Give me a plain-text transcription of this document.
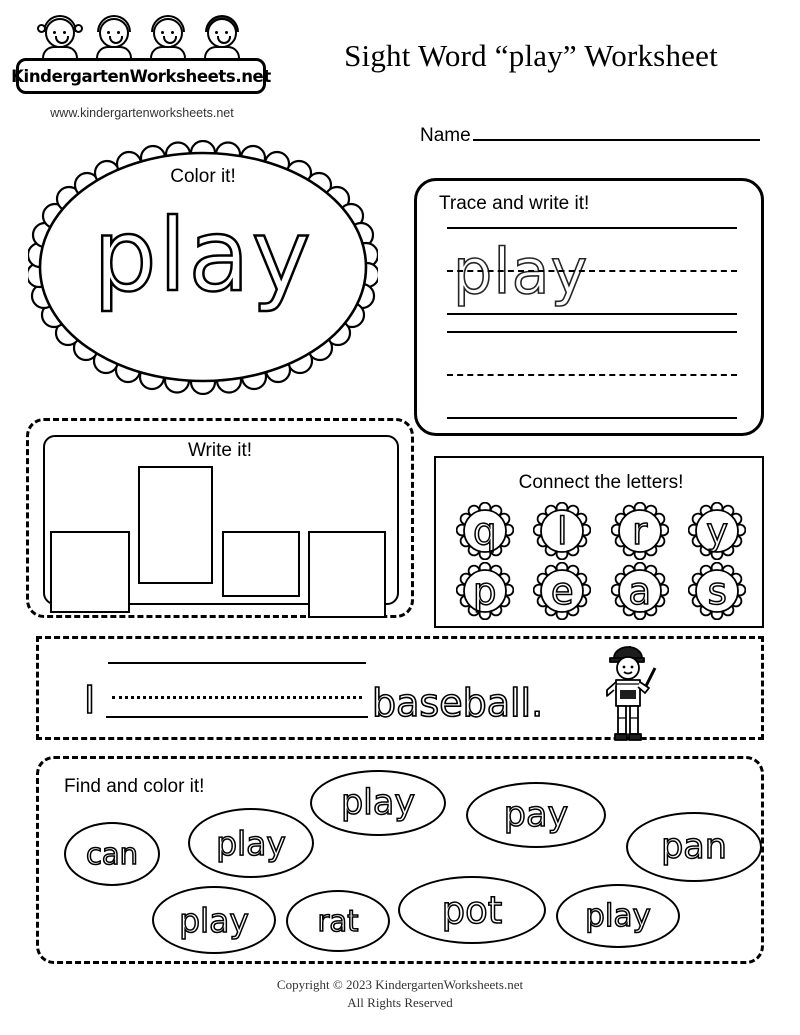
KindergartenWorksheets.net
www.kindergartenworksheets.net
Sight Word “play” Worksheet
Name
Color it!
play	Trace and write it!
play
Write it!
Connect the letters!
q	l	r	y
p	e	a	s
I	baseball.
Find and color it!
can	play
play	pay
pan
play	rat	pot	play
Copyright © 2023 KindergartenWorksheets.net
All Rights Reserved
